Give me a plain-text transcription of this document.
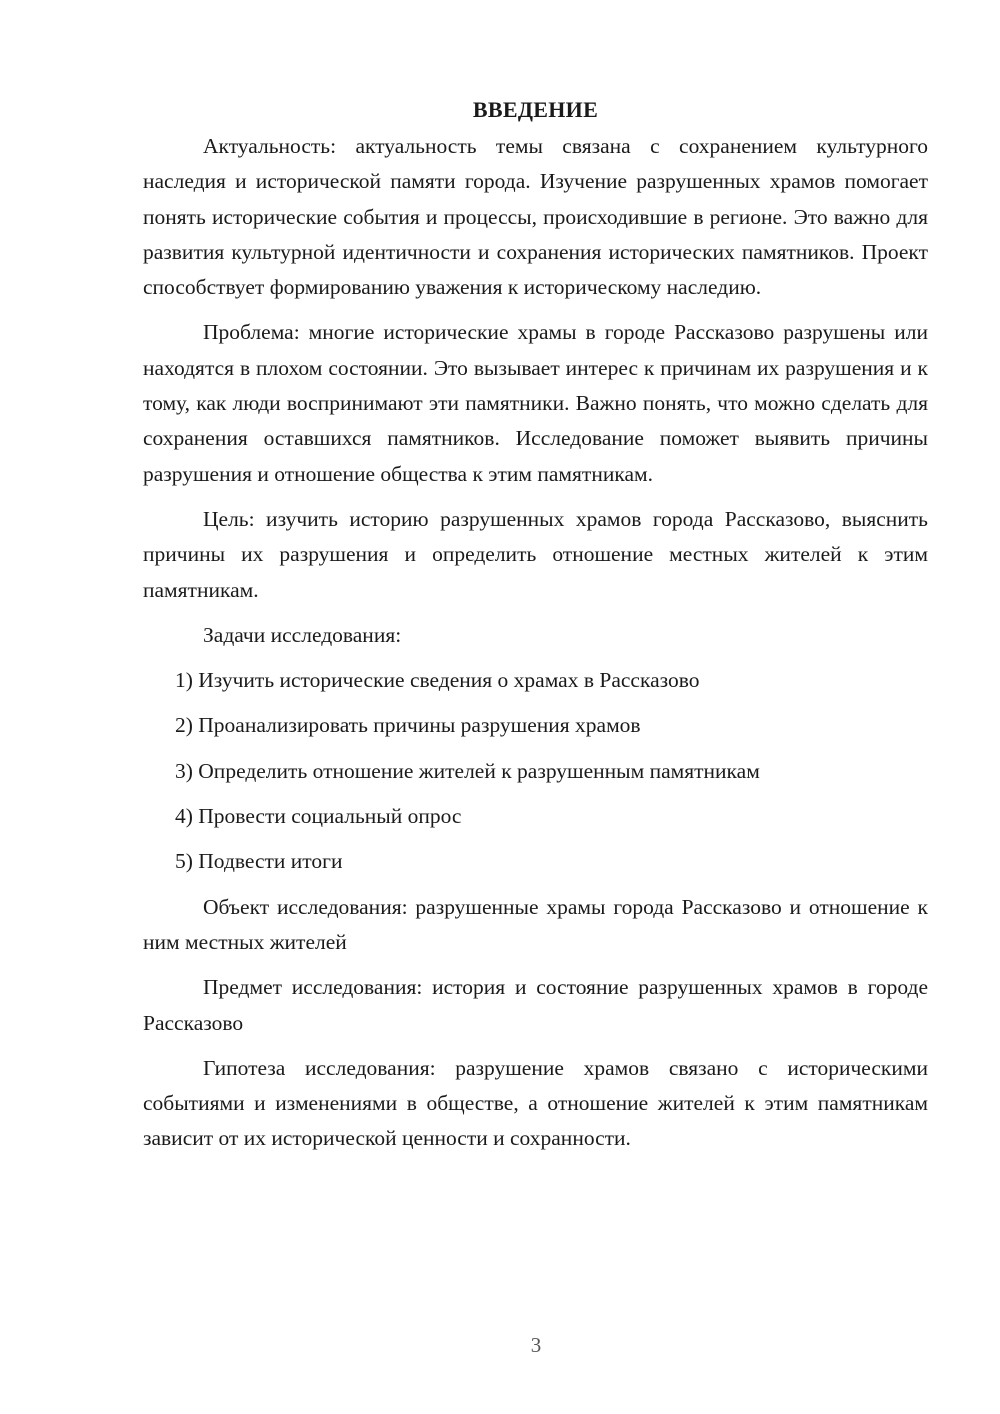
ВВЕДЕНИЕ

Актуальность: актуальность темы связана с сохранением культурного наследия и исторической памяти города. Изучение разрушенных храмов помогает понять исторические события и процессы, происходившие в регионе. Это важно для развития культурной идентичности и сохранения исторических памятников. Проект способствует формированию уважения к историческому наследию.

Проблема: многие исторические храмы в городе Рассказово разрушены или находятся в плохом состоянии. Это вызывает интерес к причинам их разрушения и к тому, как люди воспринимают эти памятники. Важно понять, что можно сделать для сохранения оставшихся памятников. Исследование поможет выявить причины разрушения и отношение общества к этим памятникам.

Цель: изучить историю разрушенных храмов города Рассказово, выяснить причины их разрушения и определить отношение местных жителей к этим памятникам.

Задачи исследования:

1) Изучить исторические сведения о храмах в Рассказово
2) Проанализировать причины разрушения храмов
3) Определить отношение жителей к разрушенным памятникам
4) Провести социальный опрос
5) Подвести итоги

Объект исследования: разрушенные храмы города Рассказово и отношение к ним местных жителей

Предмет исследования: история и состояние разрушенных храмов в городе Рассказово

Гипотеза исследования: разрушение храмов связано с историческими событиями и изменениями в обществе, а отношение жителей к этим памятникам зависит от их исторической ценности и сохранности.

3
